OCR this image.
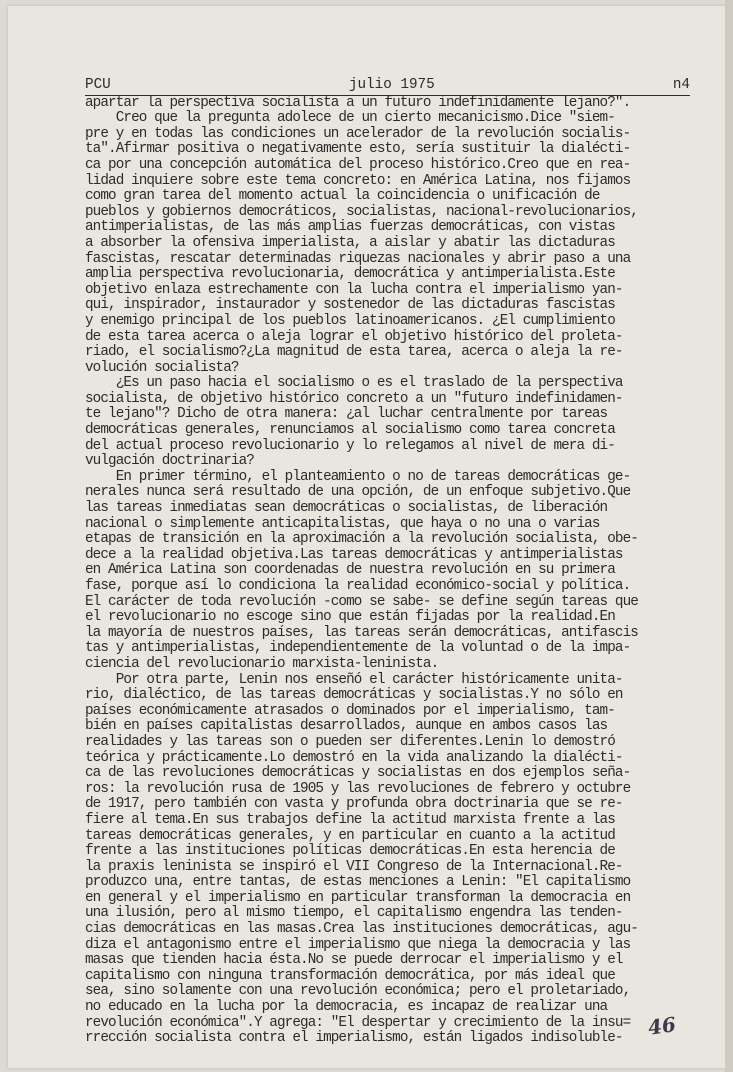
PCU	julio 1975	n4
apartar la perspectiva socialista a un futuro indefinidamente lejano?".
Creo que la pregunta adolece de un cierto mecanicismo.Dice "siem-
pre y en todas las condiciones un acelerador de la revolución socialis-
ta".Afirmar positiva o negativamente esto, sería sustituir la dialécti-
ca por una concepción automática del proceso histórico.Creo que en rea-
lidad inquiere sobre este tema concreto: en América Latina, nos fijamos
como gran tarea del momento actual la coincidencia o unificación de
pueblos y gobiernos democráticos, socialistas, nacional-revolucionarios,
antimperialistas, de las más amplias fuerzas democráticas, con vistas
a absorber la ofensiva imperialista, a aislar y abatir las dictaduras
fascistas, rescatar determinadas riquezas nacionales y abrir paso a una
amplia perspectiva revolucionaria, democrática y antimperialista.Este
objetivo enlaza estrechamente con la lucha contra el imperialismo yan-
qui, inspirador, instaurador y sostenedor de las dictaduras fascistas
y enemigo principal de los pueblos latinoamericanos. ¿El cumplimiento
de esta tarea acerca o aleja lograr el objetivo histórico del proleta-
riado, el socialismo?¿La magnitud de esta tarea, acerca o aleja la re-
volución socialista?
¿Es un paso hacia el socialismo o es el traslado de la perspectiva
socialista, de objetivo histórico concreto a un "futuro indefinidamen-
te lejano"? Dicho de otra manera: ¿al luchar centralmente por tareas
democráticas generales, renunciamos al socialismo como tarea concreta
del actual proceso revolucionario y lo relegamos al nivel de mera di-
vulgación doctrinaria?
En primer término, el planteamiento o no de tareas democráticas ge-
nerales nunca será resultado de una opción, de un enfoque subjetivo.Que
las tareas inmediatas sean democráticas o socialistas, de liberación
nacional o simplemente anticapitalistas, que haya o no una o varias
etapas de transición en la aproximación a la revolución socialista, obe-
dece a la realidad objetiva.Las tareas democráticas y antimperialistas
en América Latina son coordenadas de nuestra revolución en su primera
fase, porque así lo condiciona la realidad económico-social y política.
El carácter de toda revolución -como se sabe- se define según tareas que
el revolucionario no escoge sino que están fijadas por la realidad.En
la mayoría de nuestros países, las tareas serán democráticas, antifascis
tas y antimperialistas, independientemente de la voluntad o de la impa-
ciencia del revolucionario marxista-leninista.
Por otra parte, Lenin nos enseñó el carácter históricamente unita-
rio, dialéctico, de las tareas democráticas y socialistas.Y no sólo en
países económicamente atrasados o dominados por el imperialismo, tam-
bién en países capitalistas desarrollados, aunque en ambos casos las
realidades y las tareas son o pueden ser diferentes.Lenin lo demostró
teórica y prácticamente.Lo demostró en la vida analizando la dialécti-
ca de las revoluciones democráticas y socialistas en dos ejemplos seña-
ros: la revolución rusa de 1905 y las revoluciones de febrero y octubre
de 1917, pero también con vasta y profunda obra doctrinaria que se re-
fiere al tema.En sus trabajos define la actitud marxista frente a las
tareas democráticas generales, y en particular en cuanto a la actitud
frente a las instituciones políticas democráticas.En esta herencia de
la praxis leninista se inspiró el VII Congreso de la Internacional.Re-
produzco una, entre tantas, de estas menciones a Lenin: "El capitalismo
en general y el imperialismo en particular transforman la democracia en
una ilusión, pero al mismo tiempo, el capitalismo engendra las tenden-
cias democráticas en las masas.Crea las instituciones democráticas, agu-
diza el antagonismo entre el imperialismo que niega la democracia y las
masas que tienden hacia ésta.No se puede derrocar el imperialismo y el
capitalismo con ninguna transformación democrática, por más ideal que
sea, sino solamente con una revolución económica; pero el proletariado,
no educado en la lucha por la democracia, es incapaz de realizar una
revolución económica".Y agrega: "El despertar y crecimiento de la insu=
rrección socialista contra el imperialismo, están ligados indisoluble-	46
